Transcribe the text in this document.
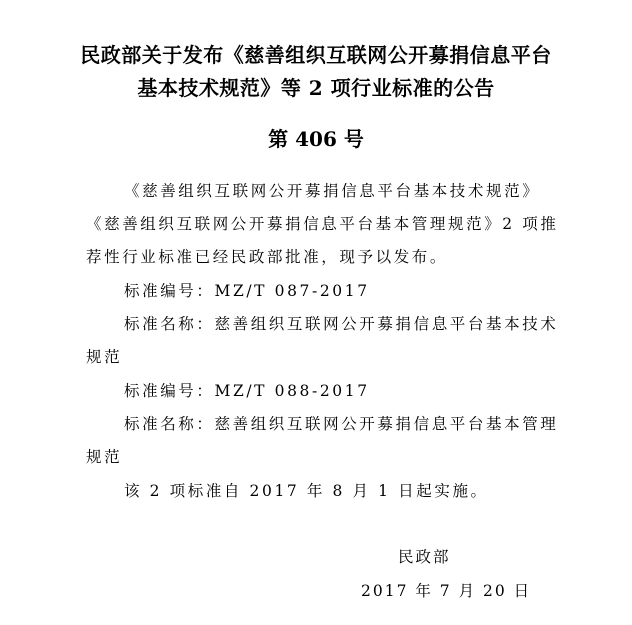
民政部关于发布《慈善组织互联网公开募捐信息平台
基本技术规范》等 2 项行业标准的公告
第 406 号
《慈善组织互联网公开募捐信息平台基本技术规范》
《慈善组织互联网公开募捐信息平台基本管理规范》2 项推
荐性行业标准已经民政部批准，现予以发布。
标准编号：MZ/T 087-2017
标准名称：慈善组织互联网公开募捐信息平台基本技术
规范
标准编号：MZ/T 088-2017
标准名称：慈善组织互联网公开募捐信息平台基本管理
规范
该 2 项标准自 2017 年 8 月 1 日起实施。
民政部
2017 年 7 月 20 日
